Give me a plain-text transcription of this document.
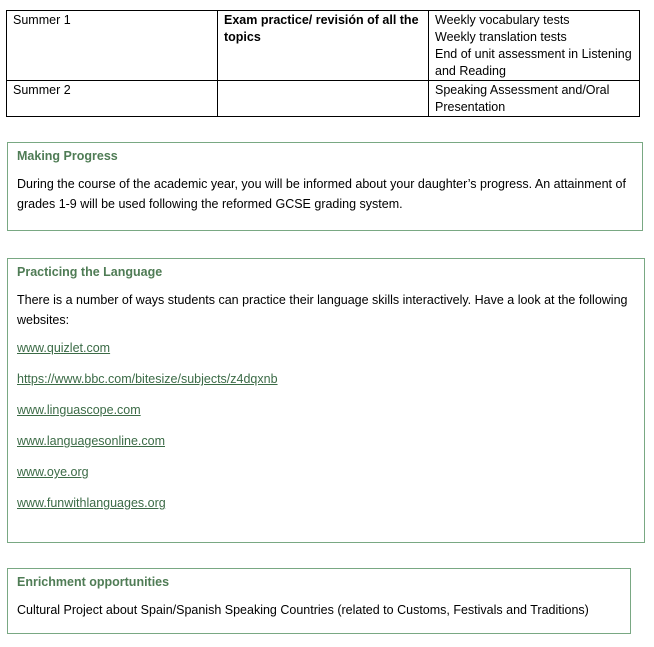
Summer 1	Exam practice/ revisión of all the topics	Weekly vocabulary tests
Weekly translation tests
End of unit assessment in Listening
and Reading

Summer 2		Speaking Assessment and/Oral
Presentation

Making Progress

During the course of the academic year, you will be informed about your daughter’s progress. An attainment of grades 1-9 will be used following the reformed GCSE grading system.

Practicing the Language

There is a number of ways students can practice their language skills interactively. Have a look at the following websites:

www.quizlet.com
https://www.bbc.com/bitesize/subjects/z4dqxnb
www.linguascope.com
www.languagesonline.com
www.oye.org
www.funwithlanguages.org

Enrichment opportunities

Cultural Project about Spain/Spanish Speaking Countries (related to Customs, Festivals and Traditions)
